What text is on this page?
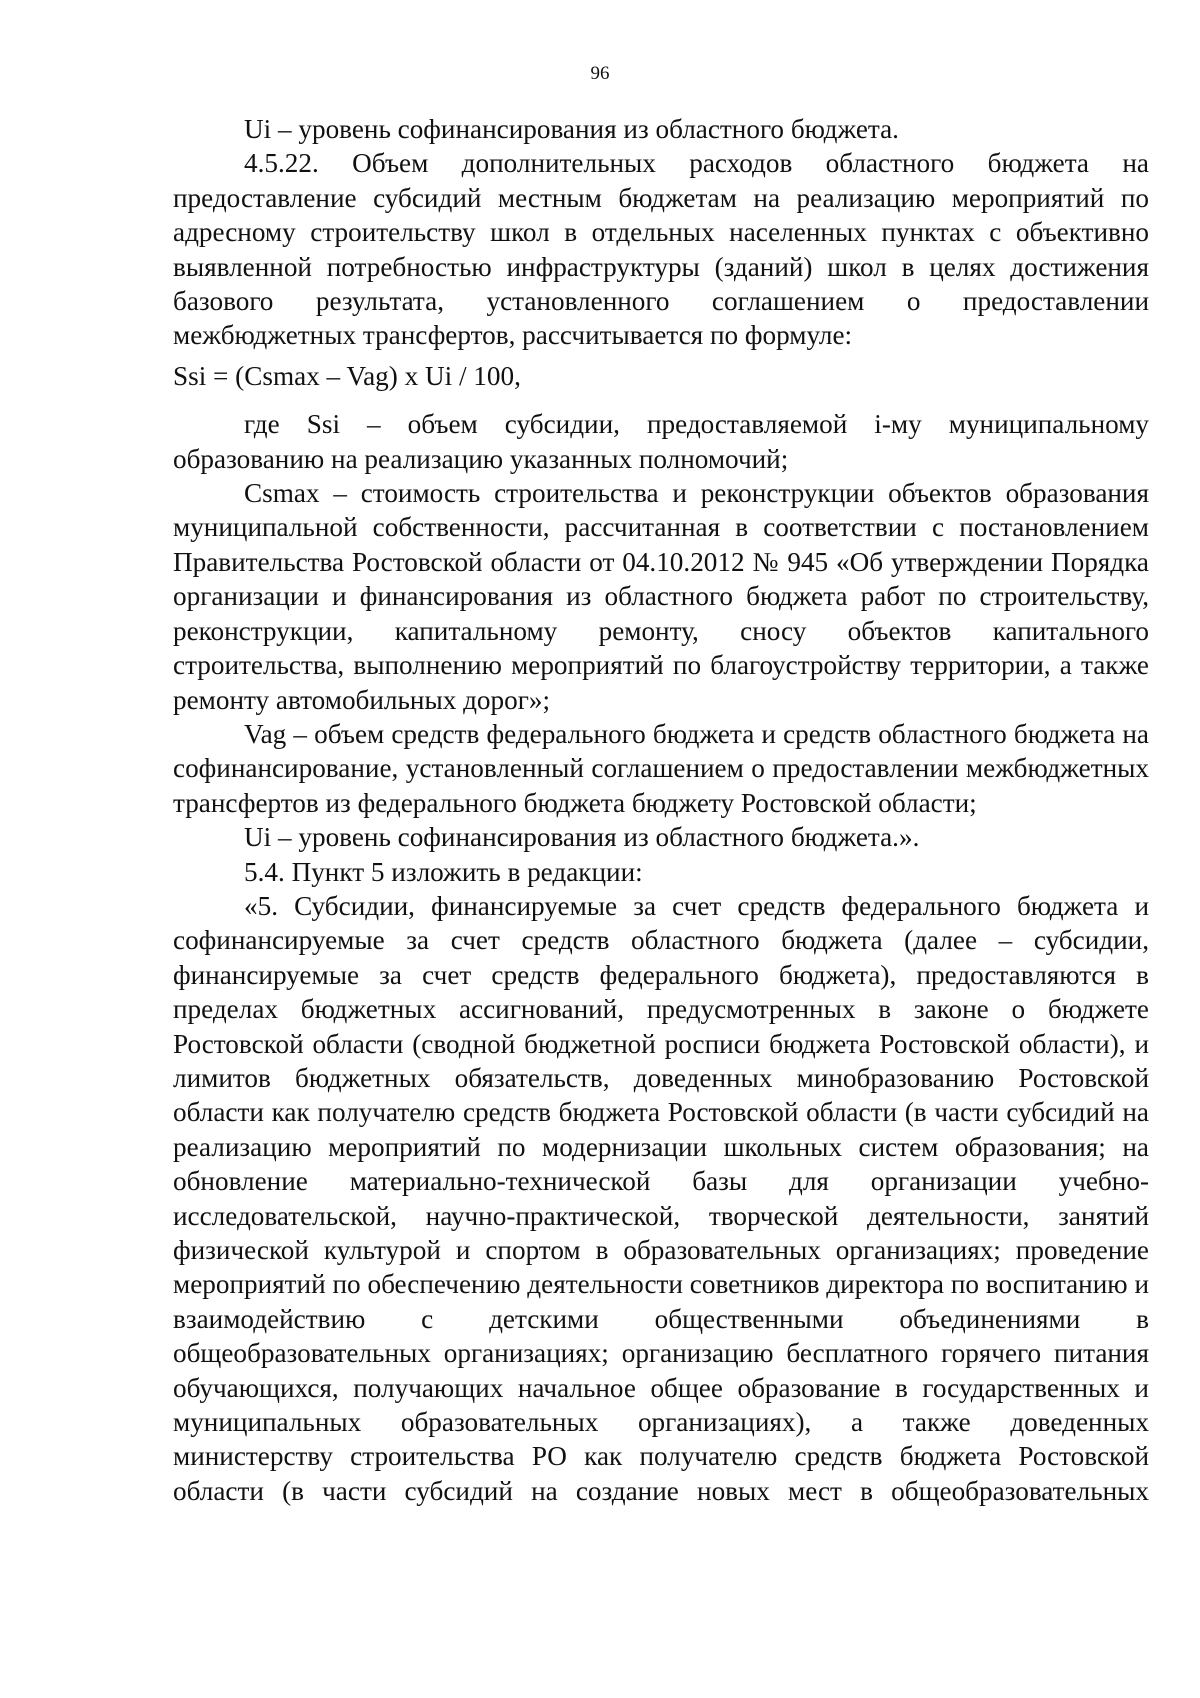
96

Ui – уровень софинансирования из областного бюджета.

4.5.22. Объем дополнительных расходов областного бюджета на предоставление субсидий местным бюджетам на реализацию мероприятий по адресному строительству школ в отдельных населенных пунктах с объективно выявленной потребностью инфраструктуры (зданий) школ в целях достижения базового результата, установленного соглашением о предоставлении межбюджетных трансфертов, рассчитывается по формуле:

Ssi = (Csmax – Vag) x Ui / 100,

где Ssi – объем субсидии, предоставляемой i-му муниципальному образованию на реализацию указанных полномочий;

Csmax – стоимость строительства и реконструкции объектов образования муниципальной собственности, рассчитанная в соответствии с постановлением Правительства Ростовской области от 04.10.2012 № 945 «Об утверждении Порядка организации и финансирования из областного бюджета работ по строительству, реконструкции, капитальному ремонту, сносу объектов капитального строительства, выполнению мероприятий по благоустройству территории, а также ремонту автомобильных дорог»;

Vag – объем средств федерального бюджета и средств областного бюджета на софинансирование, установленный соглашением о предоставлении межбюджетных трансфертов из федерального бюджета бюджету Ростовской области;

Ui – уровень софинансирования из областного бюджета.».

5.4. Пункт 5 изложить в редакции:

«5. Субсидии, финансируемые за счет средств федерального бюджета и софинансируемые за счет средств областного бюджета (далее – субсидии, финансируемые за счет средств федерального бюджета), предоставляются в пределах бюджетных ассигнований, предусмотренных в законе о бюджете Ростовской области (сводной бюджетной росписи бюджета Ростовской области), и лимитов бюджетных обязательств, доведенных минобразованию Ростовской области как получателю средств бюджета Ростовской области (в части субсидий на реализацию мероприятий по модернизации школьных систем образования; на обновление материально-технической базы для организации учебно-исследовательской, научно-практической, творческой деятельности, занятий физической культурой и спортом в образовательных организациях; проведение мероприятий по обеспечению деятельности советников директора по воспитанию и взаимодействию с детскими общественными объединениями в общеобразовательных организациях; организацию бесплатного горячего питания обучающихся, получающих начальное общее образование в государственных и муниципальных образовательных организациях), а также доведенных министерству строительства РО как получателю средств бюджета Ростовской области (в части субсидий на создание новых мест в общеобразовательных
